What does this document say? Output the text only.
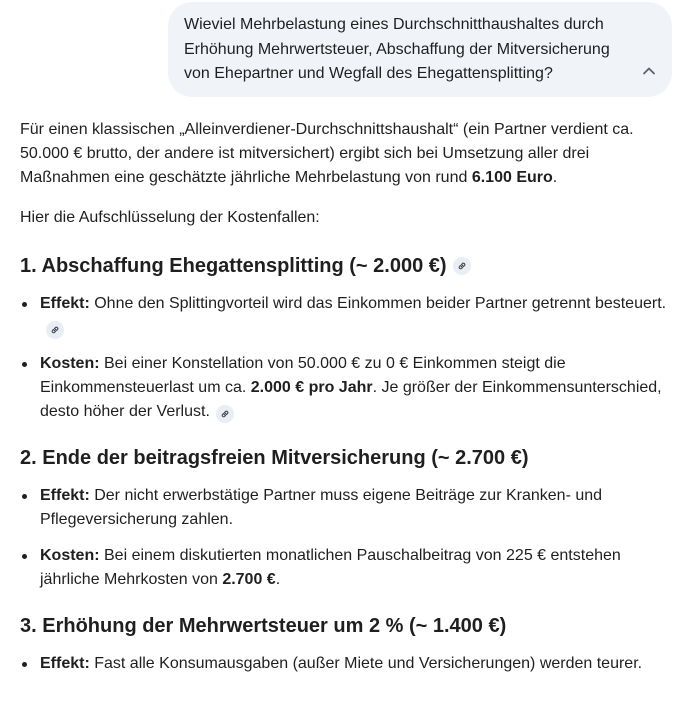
Wieviel Mehrbelastung eines Durchschnitthaushaltes durch Erhöhung Mehrwertsteuer, Abschaffung der Mitversicherung von Ehepartner und Wegfall des Ehegattensplitting?

Für einen klassischen „Alleinverdiener-Durchschnittshaushalt“ (ein Partner verdient ca. 50.000 € brutto, der andere ist mitversichert) ergibt sich bei Umsetzung aller drei Maßnahmen eine geschätzte jährliche Mehrbelastung von rund 6.100 Euro.

Hier die Aufschlüsselung der Kostenfallen:

1. Abschaffung Ehegattensplitting (~ 2.000 €)
Effekt: Ohne den Splittingvorteil wird das Einkommen beider Partner getrennt besteuert.
Kosten: Bei einer Konstellation von 50.000 € zu 0 € Einkommen steigt die Einkommensteuerlast um ca. 2.000 € pro Jahr. Je größer der Einkommensunterschied, desto höher der Verlust.
2. Ende der beitragsfreien Mitversicherung (~ 2.700 €)
Effekt: Der nicht erwerbstätige Partner muss eigene Beiträge zur Kranken- und Pflegeversicherung zahlen.
Kosten: Bei einem diskutierten monatlichen Pauschalbeitrag von 225 € entstehen jährliche Mehrkosten von 2.700 €.
3. Erhöhung der Mehrwertsteuer um 2 % (~ 1.400 €)
Effekt: Fast alle Konsumausgaben (außer Miete und Versicherungen) werden teurer.
